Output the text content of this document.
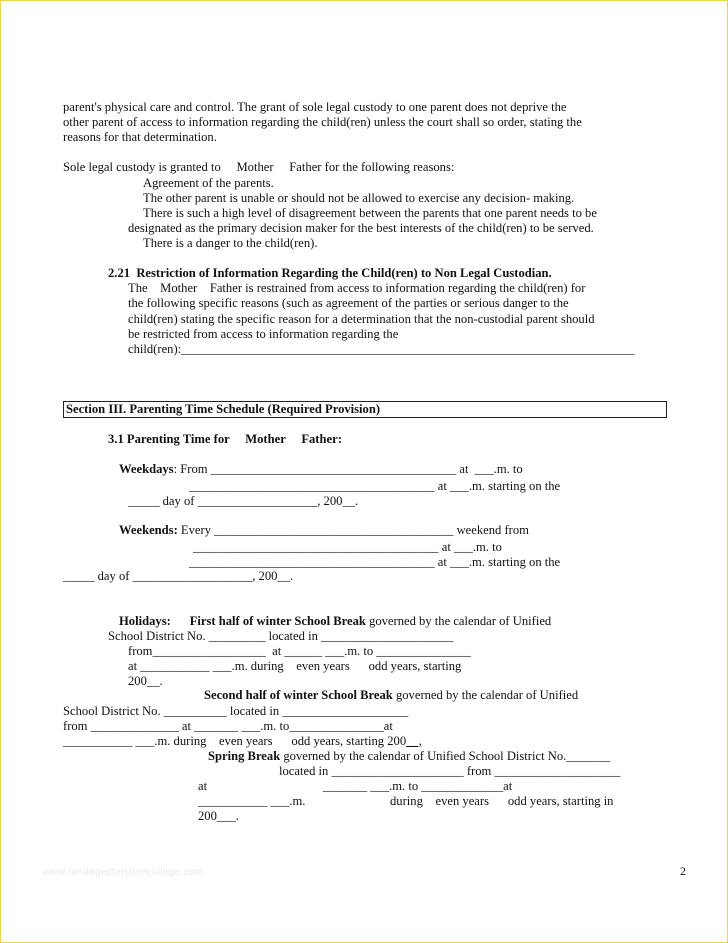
parent's physical care and control. The grant of sole legal custody to one parent does not deprive the
other parent of access to information regarding the child(ren) unless the court shall so order, stating the
reasons for that determination.
Sole legal custody is granted to     Mother     Father for the following reasons:
Agreement of the parents.
The other parent is unable or should not be allowed to exercise any decision- making.
There is such a high level of disagreement between the parents that one parent needs to be
designated as the primary decision maker for the best interests of the child(ren) to be served.
There is a danger to the child(ren).
2.21  Restriction of Information Regarding the Child(ren) to Non Legal Custodian.
The    Mother    Father is restrained from access to information regarding the child(ren) for
the following specific reasons (such as agreement of the parties or serious danger to the
child(ren) stating the specific reason for a determination that the non-custodial parent should
be restricted from access to information regarding the
child(ren):________________________________________________________________________
Section III. Parenting Time Schedule (Required Provision)
3.1 Parenting Time for     Mother     Father:
Weekdays: From _______________________________________ at  ___.m. to
_______________________________________ at ___.m. starting on the
_____ day of ___________________, 200__.
Weekends: Every ______________________________________ weekend from
_______________________________________ at ___.m. to
_______________________________________ at ___.m. starting on the
_____ day of ___________________, 200__.
Holidays: First half of winter School Break governed by the calendar of Unified
School District No. _________ located in _____________________
from__________________  at ______ ___.m. to _______________
at ___________ ___.m. during    even years      odd years, starting
200__.
Second half of winter School Break governed by the calendar of Unified
School District No. __________ located in ____________________
from ______________ at _______ ___.m. to_______________at
___________ ___.m. during    even years      odd years, starting 200__,
Spring Break governed by the calendar of Unified School District No._______
located in _____________________ from ____________________
at	_______ ___.m. to _____________at
___________ ___.m.	during    even years      odd years, starting in
200___.
www.heritagechristiancollege.com	2
